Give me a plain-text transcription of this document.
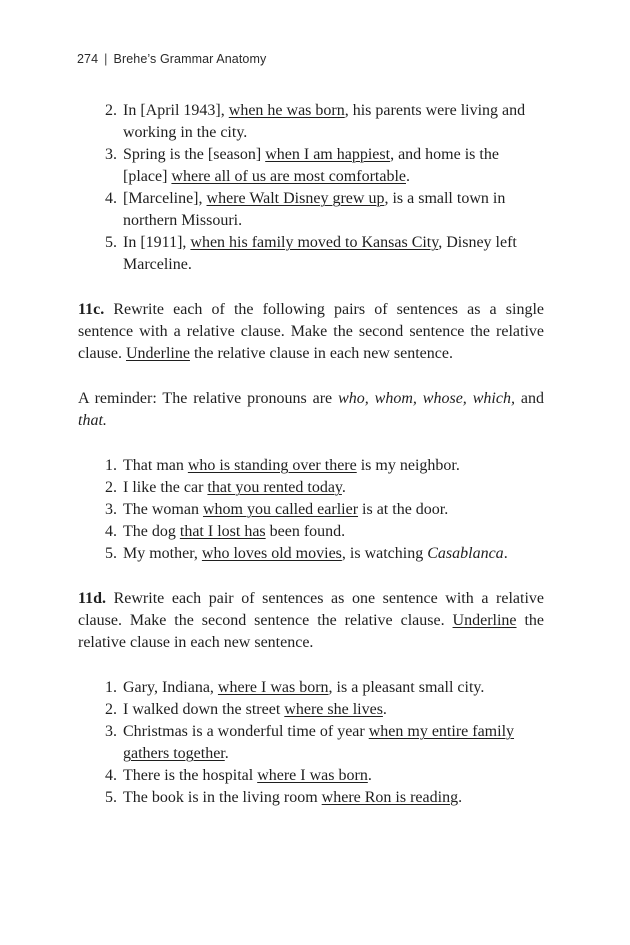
274 | Brehe’s Grammar Anatomy
2. In [April 1943], when he was born, his parents were living and working in the city.
3. Spring is the [season] when I am happiest, and home is the [place] where all of us are most comfortable.
4. [Marceline], where Walt Disney grew up, is a small town in northern Missouri.
5. In [1911], when his family moved to Kansas City, Disney left Marceline.

11c. Rewrite each of the following pairs of sentences as a single sentence with a relative clause. Make the second sentence the relative clause. Underline the relative clause in each new sentence.

A reminder: The relative pronouns are who, whom, whose, which, and that.

1. That man who is standing over there is my neighbor.
2. I like the car that you rented today.
3. The woman whom you called earlier is at the door.
4. The dog that I lost has been found.
5. My mother, who loves old movies, is watching Casablanca.

11d. Rewrite each pair of sentences as one sentence with a relative clause. Make the second sentence the relative clause. Underline the relative clause in each new sentence.

1. Gary, Indiana, where I was born, is a pleasant small city.
2. I walked down the street where she lives.
3. Christmas is a wonderful time of year when my entire family gathers together.
4. There is the hospital where I was born.
5. The book is in the living room where Ron is reading.
